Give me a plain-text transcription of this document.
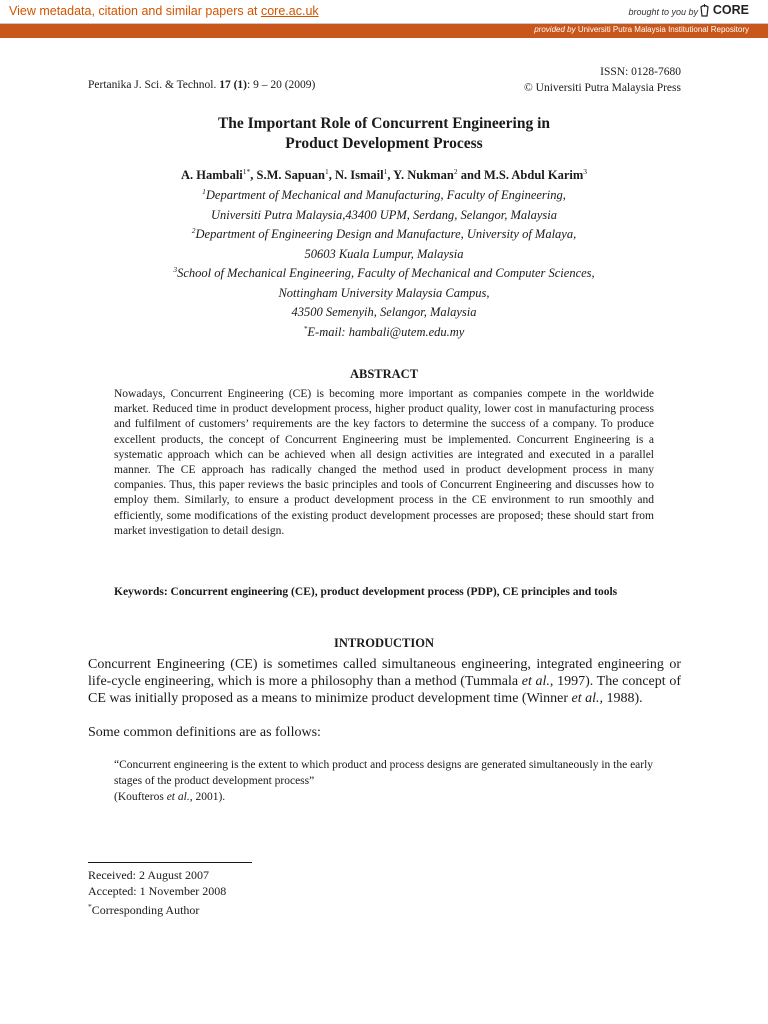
View metadata, citation and similar papers at core.ac.uk	brought to you by CORE
provided by Universiti Putra Malaysia Institutional Repository
Pertanika J. Sci. & Technol. 17 (1): 9 – 20 (2009)
ISSN: 0128-7680
© Universiti Putra Malaysia Press
The Important Role of Concurrent Engineering in
Product Development Process
A. Hambali$^{1*}$, S.M. Sapuan$^1$, N. Ismail$^1$, Y. Nukman$^2$ and M.S. Abdul Karim$^3$
$^1$Department of Mechanical and Manufacturing, Faculty of Engineering,
Universiti Putra Malaysia,43400 UPM, Serdang, Selangor, Malaysia
$^2$Department of Engineering Design and Manufacture, University of Malaya,
50603 Kuala Lumpur, Malaysia
$^3$School of Mechanical Engineering, Faculty of Mechanical and Computer Sciences,
Nottingham University Malaysia Campus,
43500 Semenyih, Selangor, Malaysia
*E-mail: hambali@utem.edu.my
ABSTRACT

Nowadays, Concurrent Engineering (CE) is becoming more important as companies compete in the worldwide market. Reduced time in product development process, higher product quality, lower cost in manufacturing process and fulfilment of customers’ requirements are the key factors to determine the success of a company. To produce excellent products, the concept of Concurrent Engineering must be implemented. Concurrent Engineering is a systematic approach which can be achieved when all design activities are integrated and executed in a parallel manner. The CE approach has radically changed the method used in product development process in many companies. Thus, this paper reviews the basic principles and tools of Concurrent Engineering and discusses how to employ them. Similarly, to ensure a product development process in the CE environment to run smoothly and efficiently, some modifications of the existing product development processes are proposed; these should start from market investigation to detail design.

Keywords: Concurrent engineering (CE), product development process (PDP), CE principles and tools

INTRODUCTION

Concurrent Engineering (CE) is sometimes called simultaneous engineering, integrated engineering or life-cycle engineering, which is more a philosophy than a method (Tummala et al., 1997). The concept of CE was initially proposed as a means to minimize product development time (Winner et al., 1988).

Some common definitions are as follows:

“Concurrent engineering is the extent to which product and process designs are generated simultaneously in the early stages of the product development process”

(Koufteros et al., 2001).
Received: 2 August 2007
Accepted: 1 November 2008
*Corresponding Author
